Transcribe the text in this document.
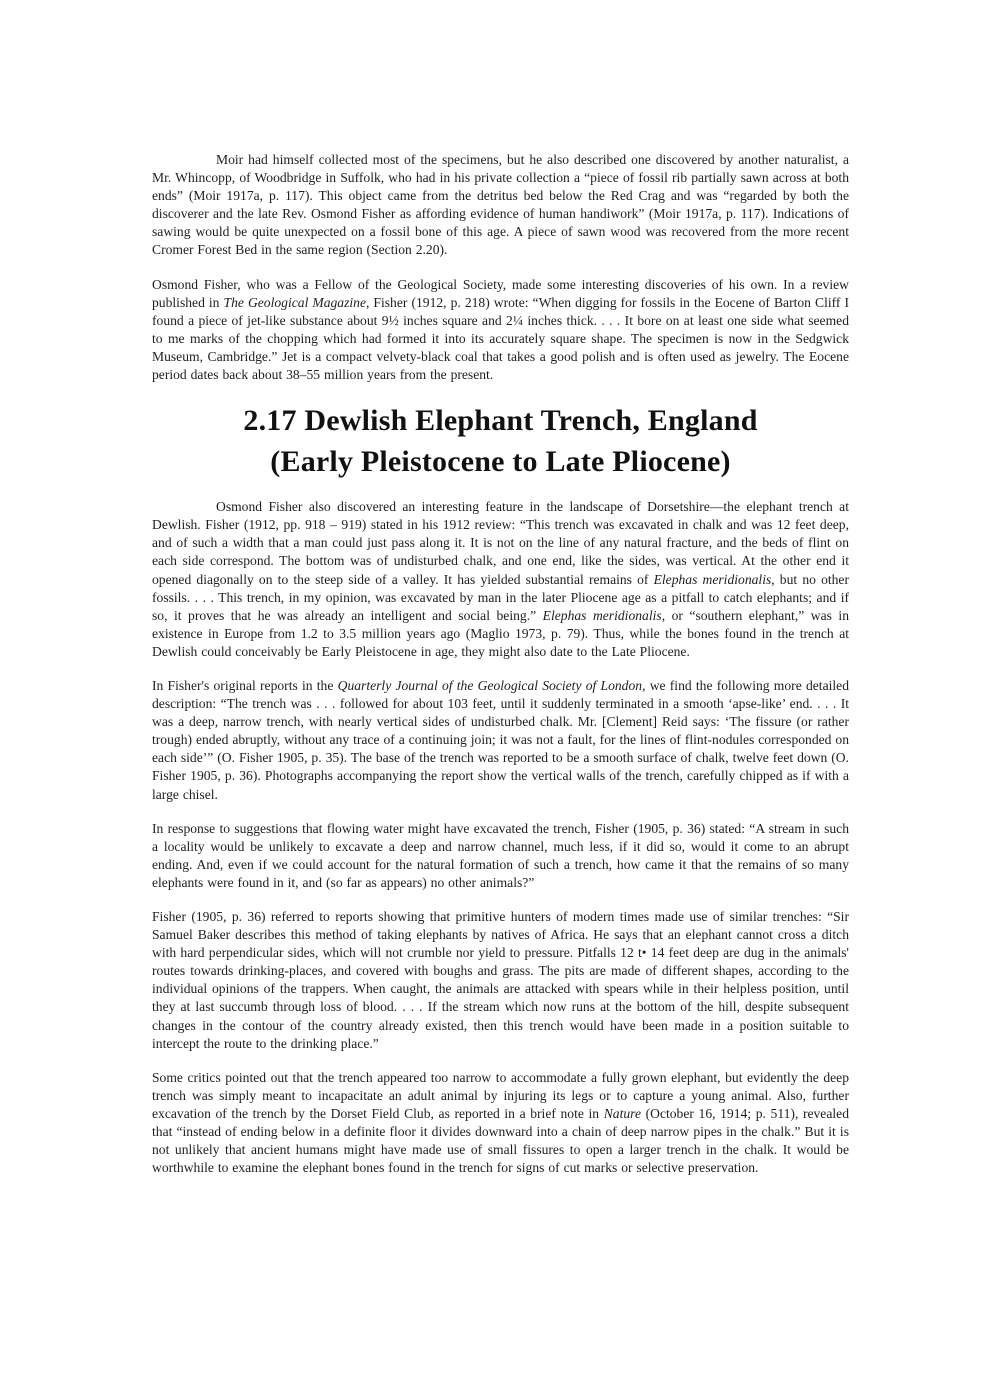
Moir had himself collected most of the specimens, but he also described one discovered by another naturalist, a Mr. Whincopp, of Woodbridge in Suffolk, who had in his private collection a “piece of fossil rib partially sawn across at both ends” (Moir 1917a, p. 117). This object came from the detritus bed below the Red Crag and was “regarded by both the discoverer and the late Rev. Osmond Fisher as affording evidence of human handiwork” (Moir 1917a, p. 117). Indications of sawing would be quite unexpected on a fossil bone of this age. A piece of sawn wood was recovered from the more recent Cromer Forest Bed in the same region (Section 2.20).

Osmond Fisher, who was a Fellow of the Geological Society, made some interesting discoveries of his own. In a review published in The Geological Magazine, Fisher (1912, p. 218) wrote: “When digging for fossils in the Eocene of Barton Cliff I found a piece of jet-like substance about 9½ inches square and 2¼ inches thick. . . . It bore on at least one side what seemed to me marks of the chopping which had formed it into its accurately square shape. The specimen is now in the Sedgwick Museum, Cambridge.” Jet is a compact velvety-black coal that takes a good polish and is often used as jewelry. The Eocene period dates back about 38–55 million years from the present.

2.17 Dewlish Elephant Trench, England
(Early Pleistocene to Late Pliocene)

Osmond Fisher also discovered an interesting feature in the landscape of Dorsetshire—the elephant trench at Dewlish. Fisher (1912, pp. 918 – 919) stated in his 1912 review: “This trench was excavated in chalk and was 12 feet deep, and of such a width that a man could just pass along it. It is not on the line of any natural fracture, and the beds of flint on each side correspond. The bottom was of undisturbed chalk, and one end, like the sides, was vertical. At the other end it opened diagonally on to the steep side of a valley. It has yielded substantial remains of Elephas meridionalis, but no other fossils. . . . This trench, in my opinion, was excavated by man in the later Pliocene age as a pitfall to catch elephants; and if so, it proves that he was already an intelligent and social being.” Elephas meridionalis, or “southern elephant,” was in existence in Europe from 1.2 to 3.5 million years ago (Maglio 1973, p. 79). Thus, while the bones found in the trench at Dewlish could conceivably be Early Pleistocene in age, they might also date to the Late Pliocene.

In Fisher's original reports in the Quarterly Journal of the Geological Society of London, we find the following more detailed description: “The trench was . . . followed for about 103 feet, until it suddenly terminated in a smooth ‘apse-like’ end. . . . It was a deep, narrow trench, with nearly vertical sides of undisturbed chalk. Mr. [Clement] Reid says: ‘The fissure (or rather trough) ended abruptly, without any trace of a continuing join; it was not a fault, for the lines of flint-nodules corresponded on each side’” (O. Fisher 1905, p. 35). The base of the trench was reported to be a smooth surface of chalk, twelve feet down (O. Fisher 1905, p. 36). Photographs accompanying the report show the vertical walls of the trench, carefully chipped as if with a large chisel.

In response to suggestions that flowing water might have excavated the trench, Fisher (1905, p. 36) stated: “A stream in such a locality would be unlikely to excavate a deep and narrow channel, much less, if it did so, would it come to an abrupt ending. And, even if we could account for the natural formation of such a trench, how came it that the remains of so many elephants were found in it, and (so far as appears) no other animals?”

Fisher (1905, p. 36) referred to reports showing that primitive hunters of modern times made use of similar trenches: “Sir Samuel Baker describes this method of taking elephants by natives of Africa. He says that an elephant cannot cross a ditch with hard perpendicular sides, which will not crumble nor yield to pressure. Pitfalls 12 t• 14 feet deep are dug in the animals' routes towards drinking-places, and covered with boughs and grass. The pits are made of different shapes, according to the individual opinions of the trappers. When caught, the animals are attacked with spears while in their helpless position, until they at last succumb through loss of blood. . . . If the stream which now runs at the bottom of the hill, despite subsequent changes in the contour of the country already existed, then this trench would have been made in a position suitable to intercept the route to the drinking place.”

Some critics pointed out that the trench appeared too narrow to accommodate a fully grown elephant, but evidently the deep trench was simply meant to incapacitate an adult animal by injuring its legs or to capture a young animal. Also, further excavation of the trench by the Dorset Field Club, as reported in a brief note in Nature (October 16, 1914; p. 511), revealed that “instead of ending below in a definite floor it divides downward into a chain of deep narrow pipes in the chalk.” But it is not unlikely that ancient humans might have made use of small fissures to open a larger trench in the chalk. It would be worthwhile to examine the elephant bones found in the trench for signs of cut marks or selective preservation.
